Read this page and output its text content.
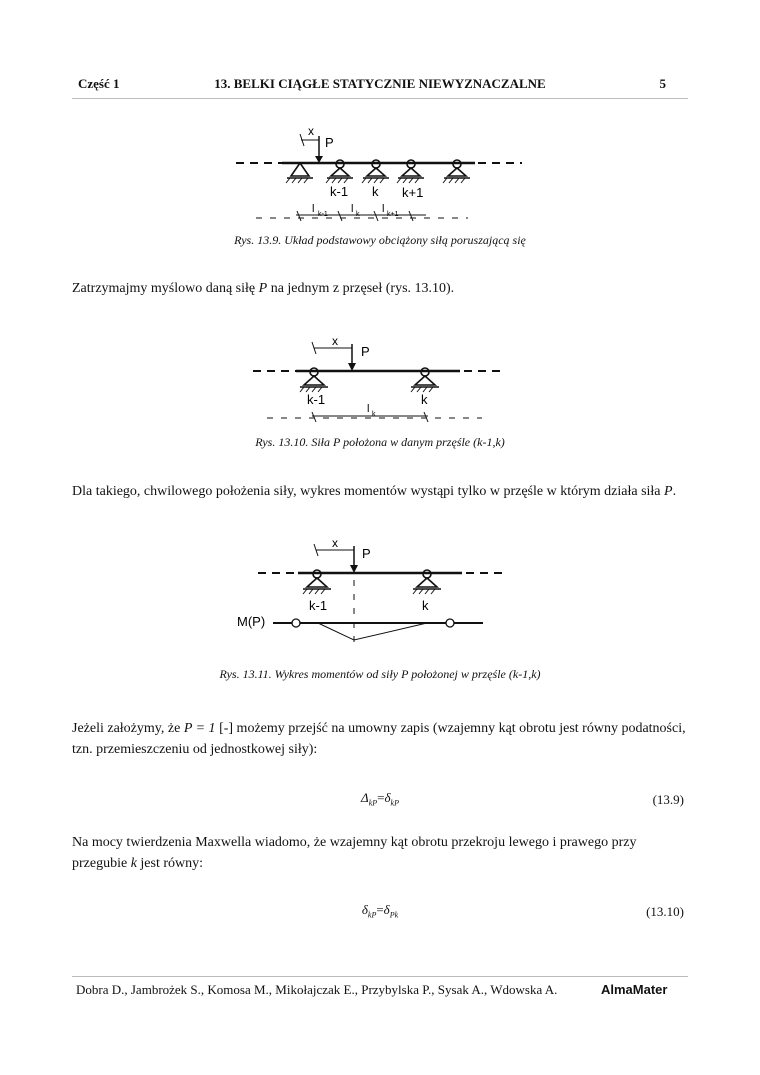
Część 1	13. BELKI CIĄGŁE STATYCZNIE NIEWYZNACZALNE	5
x
P
k-1 k k+1
l k-1 l k l k+1
Rys. 13.9. Układ podstawowy obciążony siłą poruszającą się
Zatrzymajmy myślowo daną siłę P na jednym z przęseł (rys. 13.10).
x
P
k-1	k
l k
Rys. 13.10. Siła P położona w danym przęśle (k-1,k)
Dla takiego, chwilowego położenia siły, wykres momentów wystąpi tylko w przęśle w którym działa siła P.
x
P
k-1	k
M(P)
Rys. 13.11. Wykres momentów od siły P położonej w przęśle (k-1,k)
Jeżeli założymy, że P = 1 [-] możemy przejść na umowny zapis (wzajemny kąt obrotu jest równy podatności, tzn. przemieszczeniu od jednostkowej siły):
$\Delta_{kP}=\delta_{kP}$	(13.9)
Na mocy twierdzenia Maxwella wiadomo, że wzajemny kąt obrotu przekroju lewego i prawego przy przegubie k jest równy:
$\delta_{kP}=\delta_{Pk}$	(13.10)
Dobra D., Jambrożek S., Komosa M., Mikołajczak E., Przybylska P., Sysak A., Wdowska A.	AlmaMater
